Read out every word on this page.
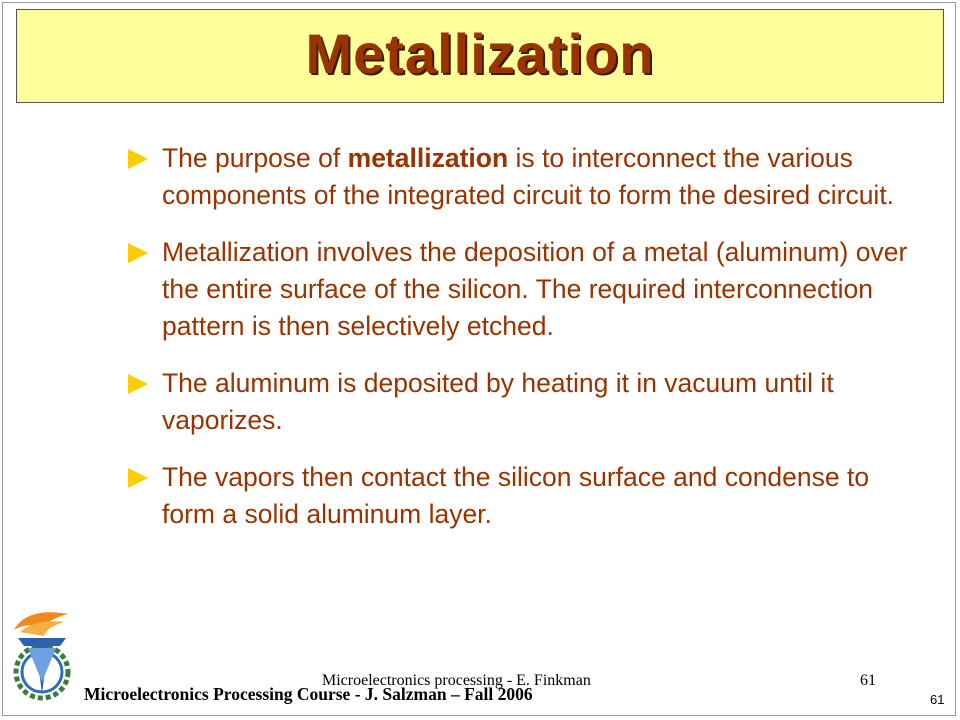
Metallization
The purpose of metallization is to interconnect the various components of the integrated circuit to form the desired circuit.
Metallization involves the deposition of a metal (aluminum) over the entire surface of the silicon. The required interconnection pattern is then selectively etched.
The aluminum is deposited by heating it in vacuum until it vaporizes.
The vapors then contact the silicon surface and condense to form a solid aluminum layer.
Microelectronics processing - E. Finkman	61
Microelectronics Processing Course - J. Salzman – Fall 2006	61
